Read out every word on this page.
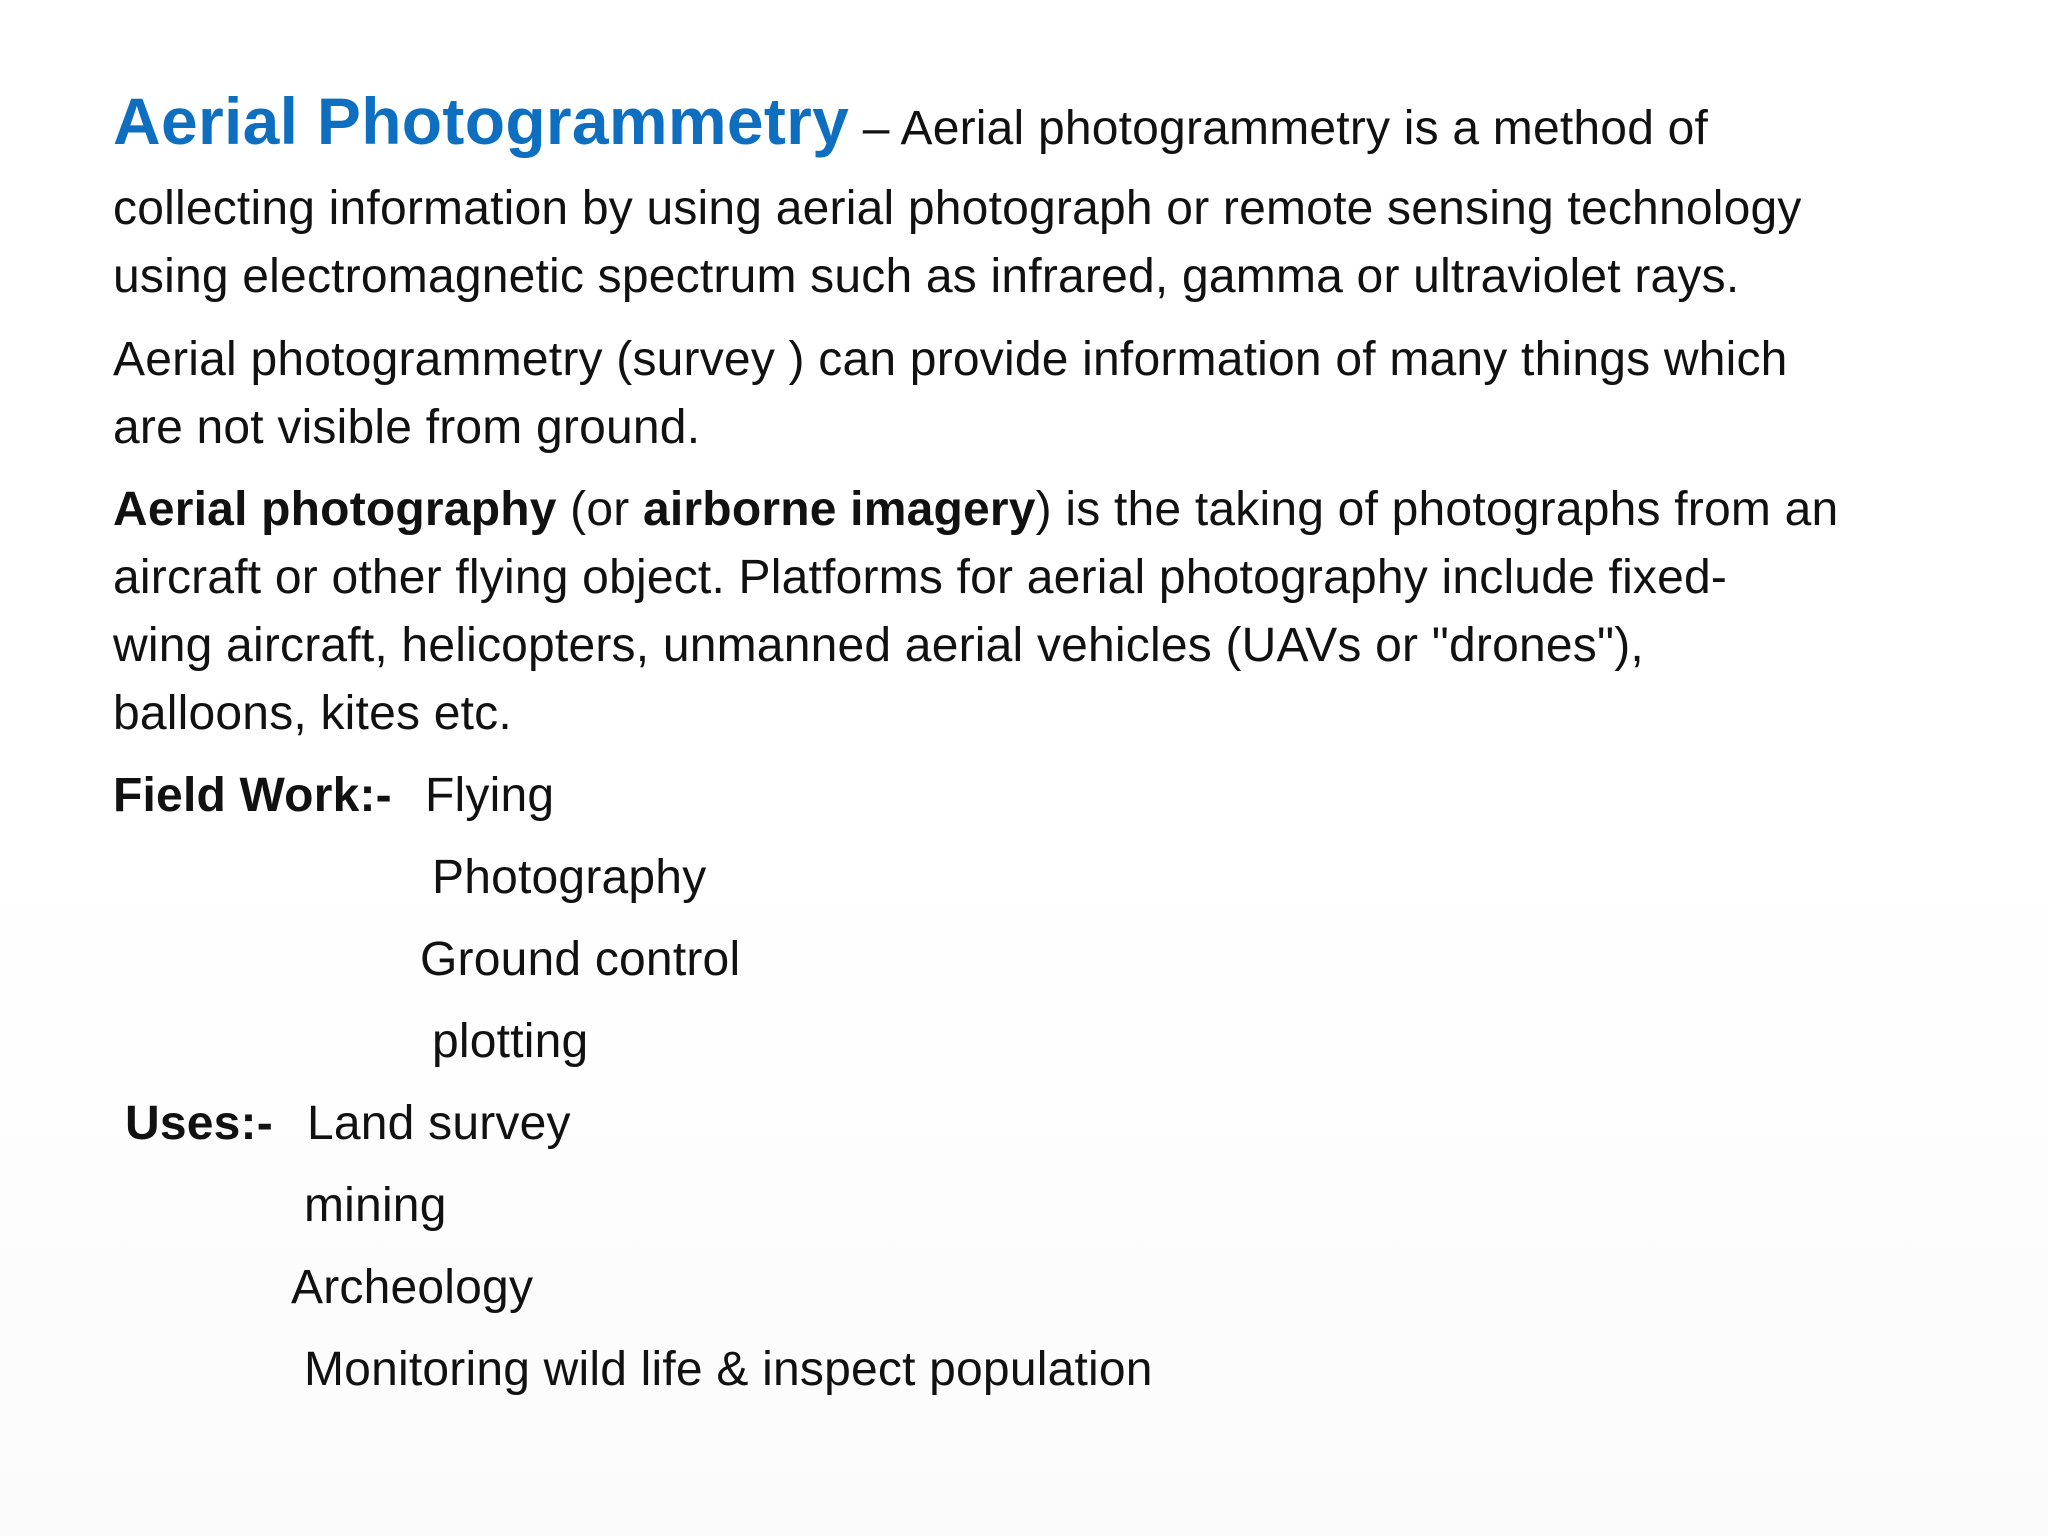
Aerial Photogrammetry – Aerial photogrammetry is a method of
collecting information by using aerial photograph or remote sensing technology
using electromagnetic spectrum such as infrared, gamma or ultraviolet rays.
Aerial photogrammetry (survey ) can provide information of many things which
are not visible from ground.
Aerial photography (or airborne imagery) is the taking of photographs from an
aircraft or other flying object. Platforms for aerial photography include fixed-
wing aircraft, helicopters, unmanned aerial vehicles (UAVs or "drones"),
balloons, kites etc.
Field Work:- Flying
Photography
Ground control
plotting
Uses:- Land survey
mining
Archeology
Monitoring wild life & inspect population
